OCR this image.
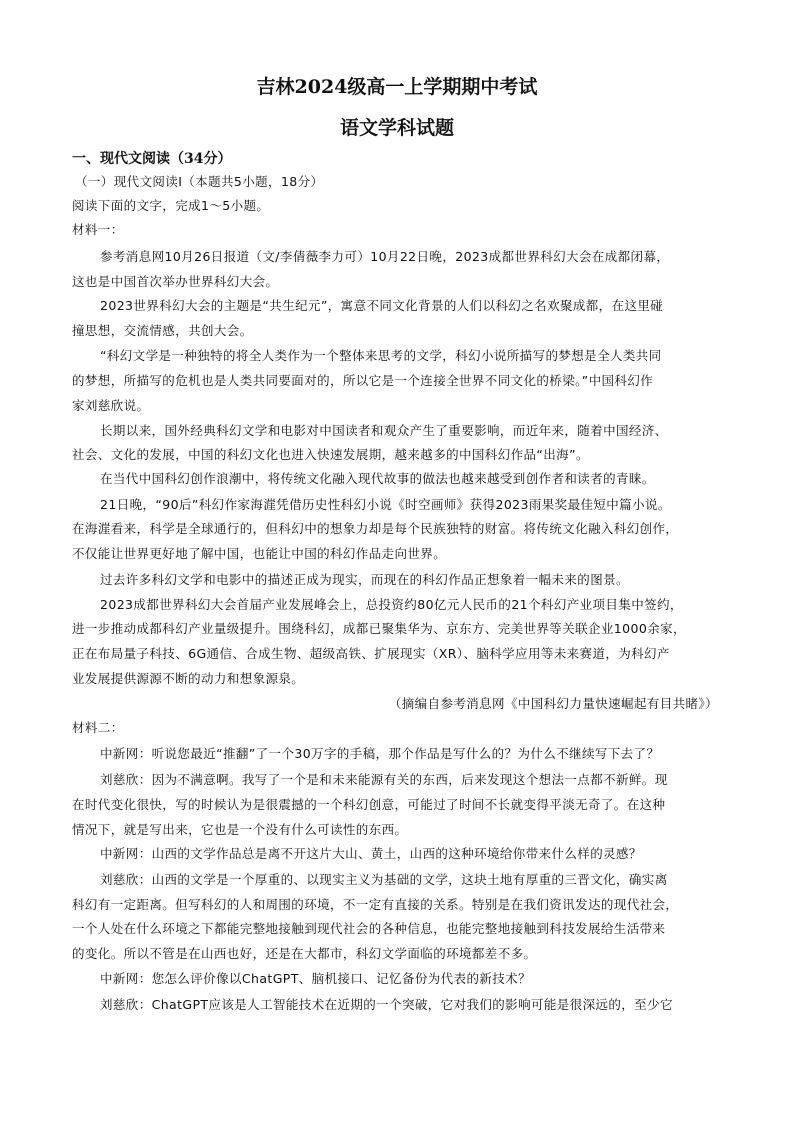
吉林2024级高一上学期期中考试
语文学科试题
一、现代文阅读（34分）
（一）现代文阅读Ⅰ（本题共5小题，18分）
阅读下面的文字，完成1～5小题。
材料一：
参考消息网10月26日报道（文/李倩薇李力可）10月22日晚，2023成都世界科幻大会在成都闭幕，
这也是中国首次举办世界科幻大会。
2023世界科幻大会的主题是“共生纪元”，寓意不同文化背景的人们以科幻之名欢聚成都，在这里碰
撞思想，交流情感，共创大会。
“科幻文学是一种独特的将全人类作为一个整体来思考的文学，科幻小说所描写的梦想是全人类共同
的梦想，所描写的危机也是人类共同要面对的，所以它是一个连接全世界不同文化的桥梁。”中国科幻作
家刘慈欣说。
长期以来，国外经典科幻文学和电影对中国读者和观众产生了重要影响，而近年来，随着中国经济、
社会、文化的发展，中国的科幻文化也进入快速发展期，越来越多的中国科幻作品“出海”。
在当代中国科幻创作浪潮中，将传统文化融入现代故事的做法也越来越受到创作者和读者的青睐。
21日晚，“90后”科幻作家海漄凭借历史性科幻小说《时空画师》获得2023雨果奖最佳短中篇小说。
在海漄看来，科学是全球通行的，但科幻中的想象力却是每个民族独特的财富。将传统文化融入科幻创作，
不仅能让世界更好地了解中国，也能让中国的科幻作品走向世界。
过去许多科幻文学和电影中的描述正成为现实，而现在的科幻作品正想象着一幅未来的图景。
2023成都世界科幻大会首届产业发展峰会上，总投资约80亿元人民币的21个科幻产业项目集中签约，
进一步推动成都科幻产业量级提升。围绕科幻，成都已聚集华为、京东方、完美世界等关联企业1000余家，
正在布局量子科技、6G通信、合成生物、超级高铁、扩展现实（XR）、脑科学应用等未来赛道，为科幻产
业发展提供源源不断的动力和想象源泉。
（摘编自参考消息网《中国科幻力量快速崛起有目共睹》）
材料二：
中新网：听说您最近“推翻”了一个30万字的手稿，那个作品是写什么的？为什么不继续写下去了？
刘慈欣：因为不满意啊。我写了一个是和未来能源有关的东西，后来发现这个想法一点都不新鲜。现
在时代变化很快，写的时候认为是很震撼的一个科幻创意，可能过了时间不长就变得平淡无奇了。在这种
情况下，就是写出来，它也是一个没有什么可读性的东西。
中新网：山西的文学作品总是离不开这片大山、黄土，山西的这种环境给你带来什么样的灵感？
刘慈欣：山西的文学是一个厚重的、以现实主义为基础的文学，这块土地有厚重的三晋文化，确实离
科幻有一定距离。但写科幻的人和周围的环境，不一定有直接的关系。特别是在我们资讯发达的现代社会，
一个人处在什么环境之下都能完整地接触到现代社会的各种信息，也能完整地接触到科技发展给生活带来
的变化。所以不管是在山西也好，还是在大都市，科幻文学面临的环境都差不多。
中新网：您怎么评价像以ChatGPT、脑机接口、记忆备份为代表的新技术？
刘慈欣：ChatGPT应该是人工智能技术在近期的一个突破，它对我们的影响可能是很深远的，至少它
